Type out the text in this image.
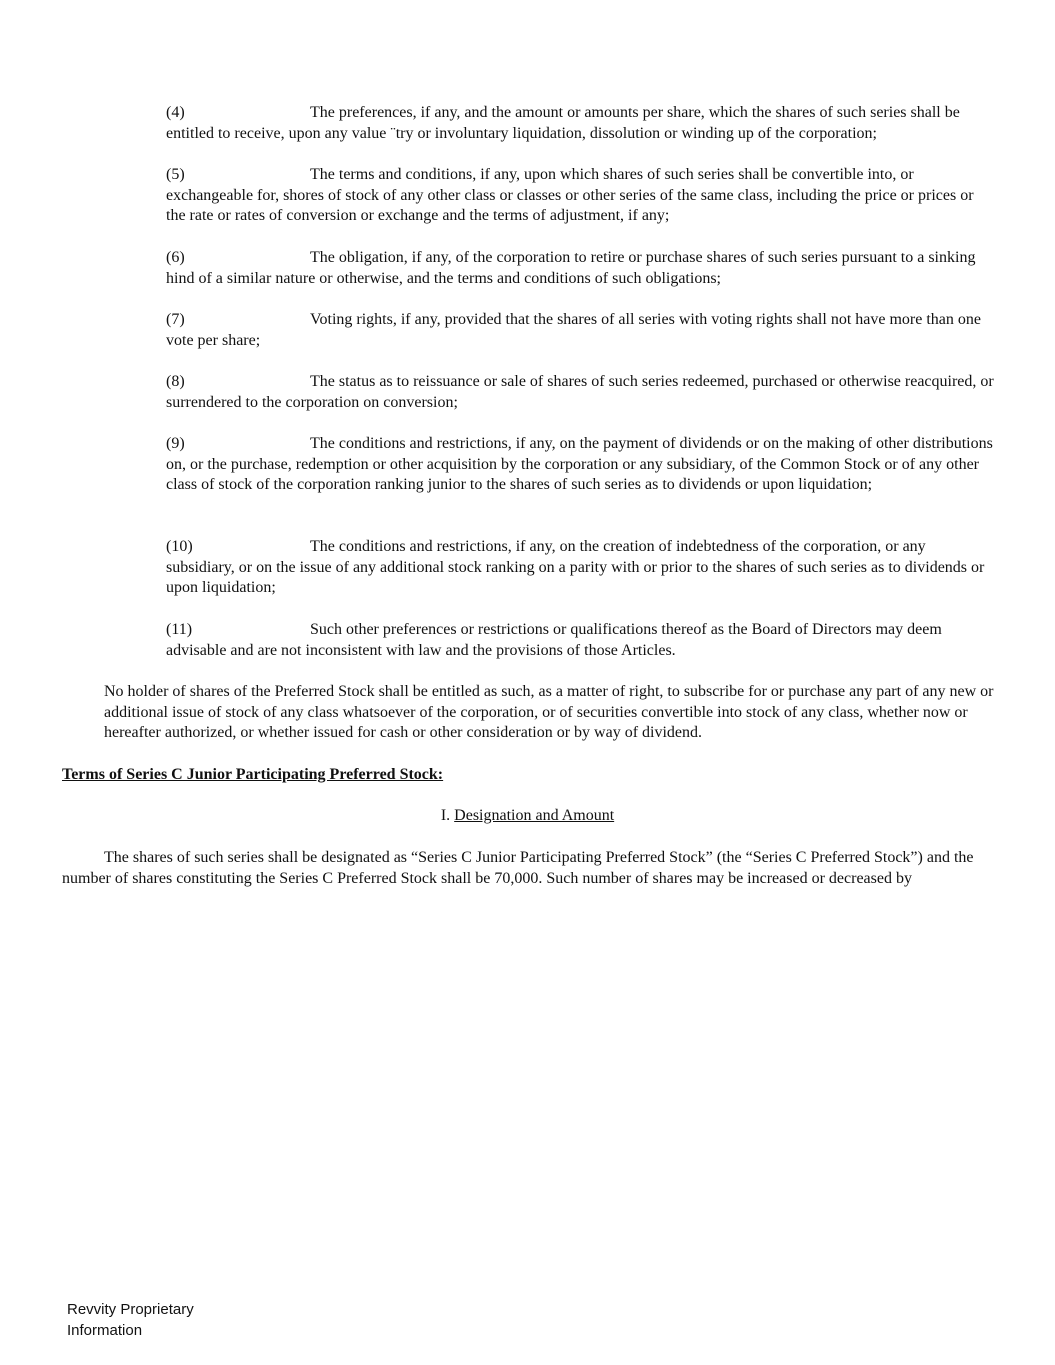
(4)	The preferences, if any, and the amount or amounts per share, which the shares of such series shall be entitled to receive, upon any value ¨try or involuntary liquidation, dissolution or winding up of the corporation;
(5)	The terms and conditions, if any, upon which shares of such series shall be convertible into, or exchangeable for, shores of stock of any other class or classes or other series of the same class, including the price or prices or the rate or rates of conversion or exchange and the terms of adjustment, if any;
(6)	The obligation, if any, of the corporation to retire or purchase shares of such series pursuant to a sinking hind of a similar nature or otherwise, and the terms and conditions of such obligations;
(7)	Voting rights, if any, provided that the shares of all series with voting rights shall not have more than one vote per share;
(8)	The status as to reissuance or sale of shares of such series redeemed, purchased or otherwise reacquired, or surrendered to the corporation on conversion;
(9)	The conditions and restrictions, if any, on the payment of dividends or on the making of other distributions on, or the purchase, redemption or other acquisition by the corporation or any subsidiary, of the Common Stock or of any other class of stock of the corporation ranking junior to the shares of such series as to dividends or upon liquidation;
(10)	The conditions and restrictions, if any, on the creation of indebtedness of the corporation, or any subsidiary, or on the issue of any additional stock ranking on a parity with or prior to the shares of such series as to dividends or upon liquidation;
(11)	Such other preferences or restrictions or qualifications thereof as the Board of Directors may deem advisable and are not inconsistent with law and the provisions of those Articles.
No holder of shares of the Preferred Stock shall be entitled as such, as a matter of right, to subscribe for or purchase any part of any new or additional issue of stock of any class whatsoever of the corporation, or of securities convertible into stock of any class, whether now or hereafter authorized, or whether issued for cash or other consideration or by way of dividend.
Terms of Series C Junior Participating Preferred Stock:
I. Designation and Amount
The shares of such series shall be designated as “Series C Junior Participating Preferred Stock” (the “Series C Preferred Stock”) and the number of shares constituting the Series C Preferred Stock shall be 70,000. Such number of shares may be increased or decreased by
Revvity Proprietary
Information
